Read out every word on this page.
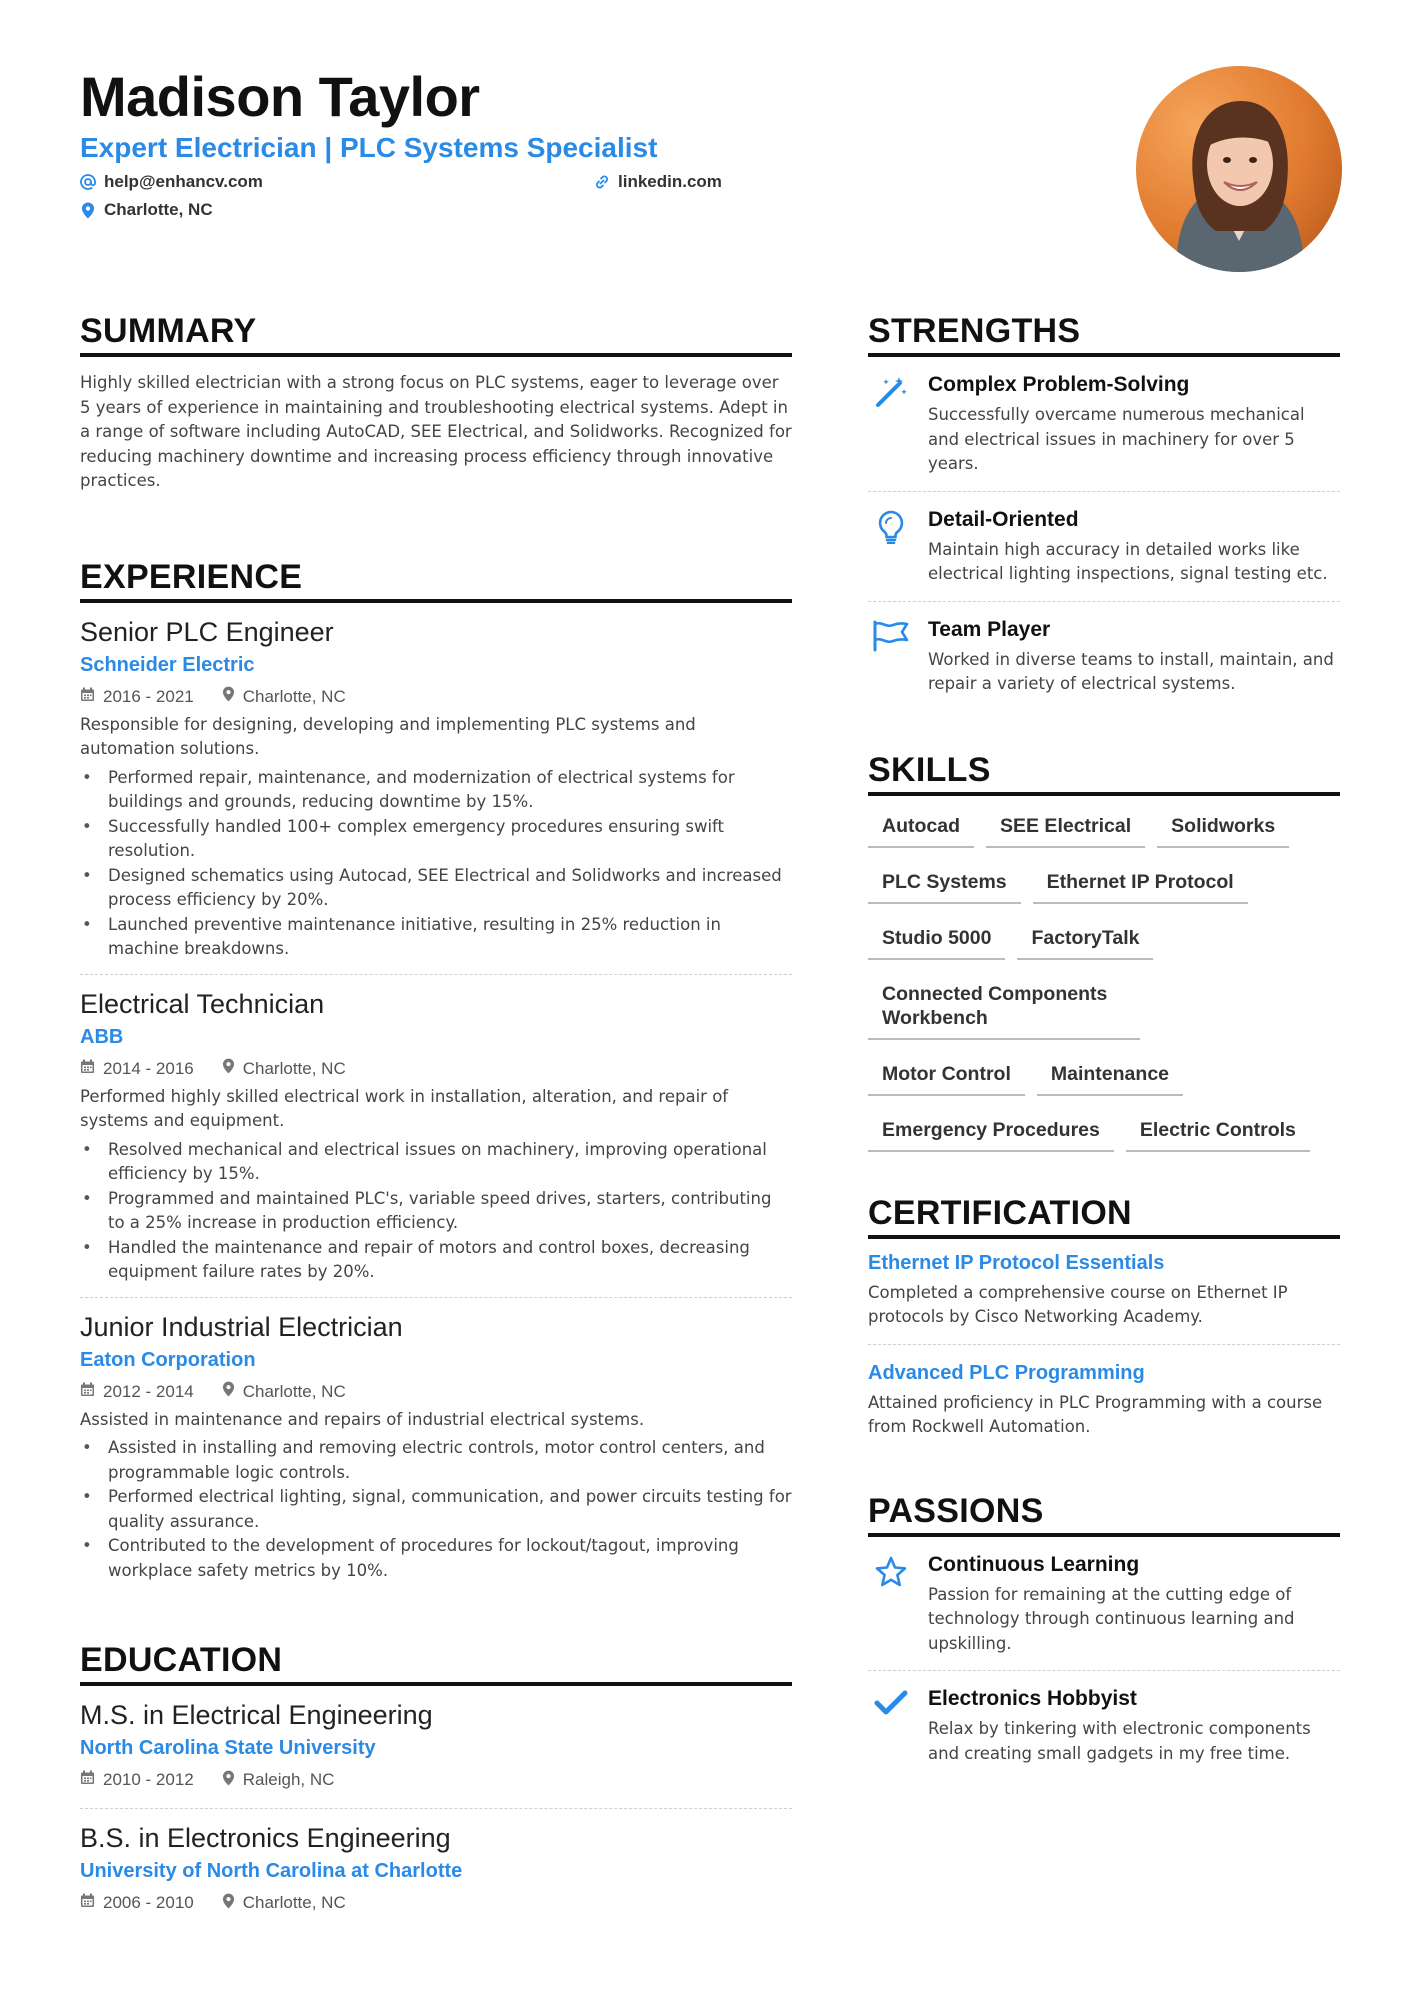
Madison Taylor
Expert Electrician | PLC Systems Specialist
help@enhancv.com	linkedin.com
Charlotte, NC
SUMMARY
Highly skilled electrician with a strong focus on PLC systems, eager to leverage over 5 years of experience in maintaining and troubleshooting electrical systems. Adept in a range of software including AutoCAD, SEE Electrical, and Solidworks. Recognized for reducing machinery downtime and increasing process efficiency through innovative practices.
EXPERIENCE
Senior PLC Engineer
Schneider Electric
2016 - 2021	Charlotte, NC
Responsible for designing, developing and implementing PLC systems and automation solutions.
• Performed repair, maintenance, and modernization of electrical systems for buildings and grounds, reducing downtime by 15%.
• Successfully handled 100+ complex emergency procedures ensuring swift resolution.
• Designed schematics using Autocad, SEE Electrical and Solidworks and increased process efficiency by 20%.
• Launched preventive maintenance initiative, resulting in 25% reduction in machine breakdowns.
Electrical Technician
ABB
2014 - 2016	Charlotte, NC
Performed highly skilled electrical work in installation, alteration, and repair of systems and equipment.
• Resolved mechanical and electrical issues on machinery, improving operational efficiency by 15%.
• Programmed and maintained PLC's, variable speed drives, starters, contributing to a 25% increase in production efficiency.
• Handled the maintenance and repair of motors and control boxes, decreasing equipment failure rates by 20%.
Junior Industrial Electrician
Eaton Corporation
2012 - 2014	Charlotte, NC
Assisted in maintenance and repairs of industrial electrical systems.
• Assisted in installing and removing electric controls, motor control centers, and programmable logic controls.
• Performed electrical lighting, signal, communication, and power circuits testing for quality assurance.
• Contributed to the development of procedures for lockout/tagout, improving workplace safety metrics by 10%.
EDUCATION
M.S. in Electrical Engineering
North Carolina State University
2010 - 2012	Raleigh, NC
B.S. in Electronics Engineering
University of North Carolina at Charlotte
2006 - 2010	Charlotte, NC
STRENGTHS
Complex Problem-Solving
Successfully overcame numerous mechanical and electrical issues in machinery for over 5 years.
Detail-Oriented
Maintain high accuracy in detailed works like electrical lighting inspections, signal testing etc.
Team Player
Worked in diverse teams to install, maintain, and repair a variety of electrical systems.
SKILLS
Autocad	SEE Electrical	Solidworks
PLC Systems	Ethernet IP Protocol
Studio 5000	FactoryTalk
Connected Components Workbench
Motor Control	Maintenance
Emergency Procedures	Electric Controls
CERTIFICATION
Ethernet IP Protocol Essentials
Completed a comprehensive course on Ethernet IP protocols by Cisco Networking Academy.
Advanced PLC Programming
Attained proficiency in PLC Programming with a course from Rockwell Automation.
PASSIONS
Continuous Learning
Passion for remaining at the cutting edge of technology through continuous learning and upskilling.
Electronics Hobbyist
Relax by tinkering with electronic components and creating small gadgets in my free time.
